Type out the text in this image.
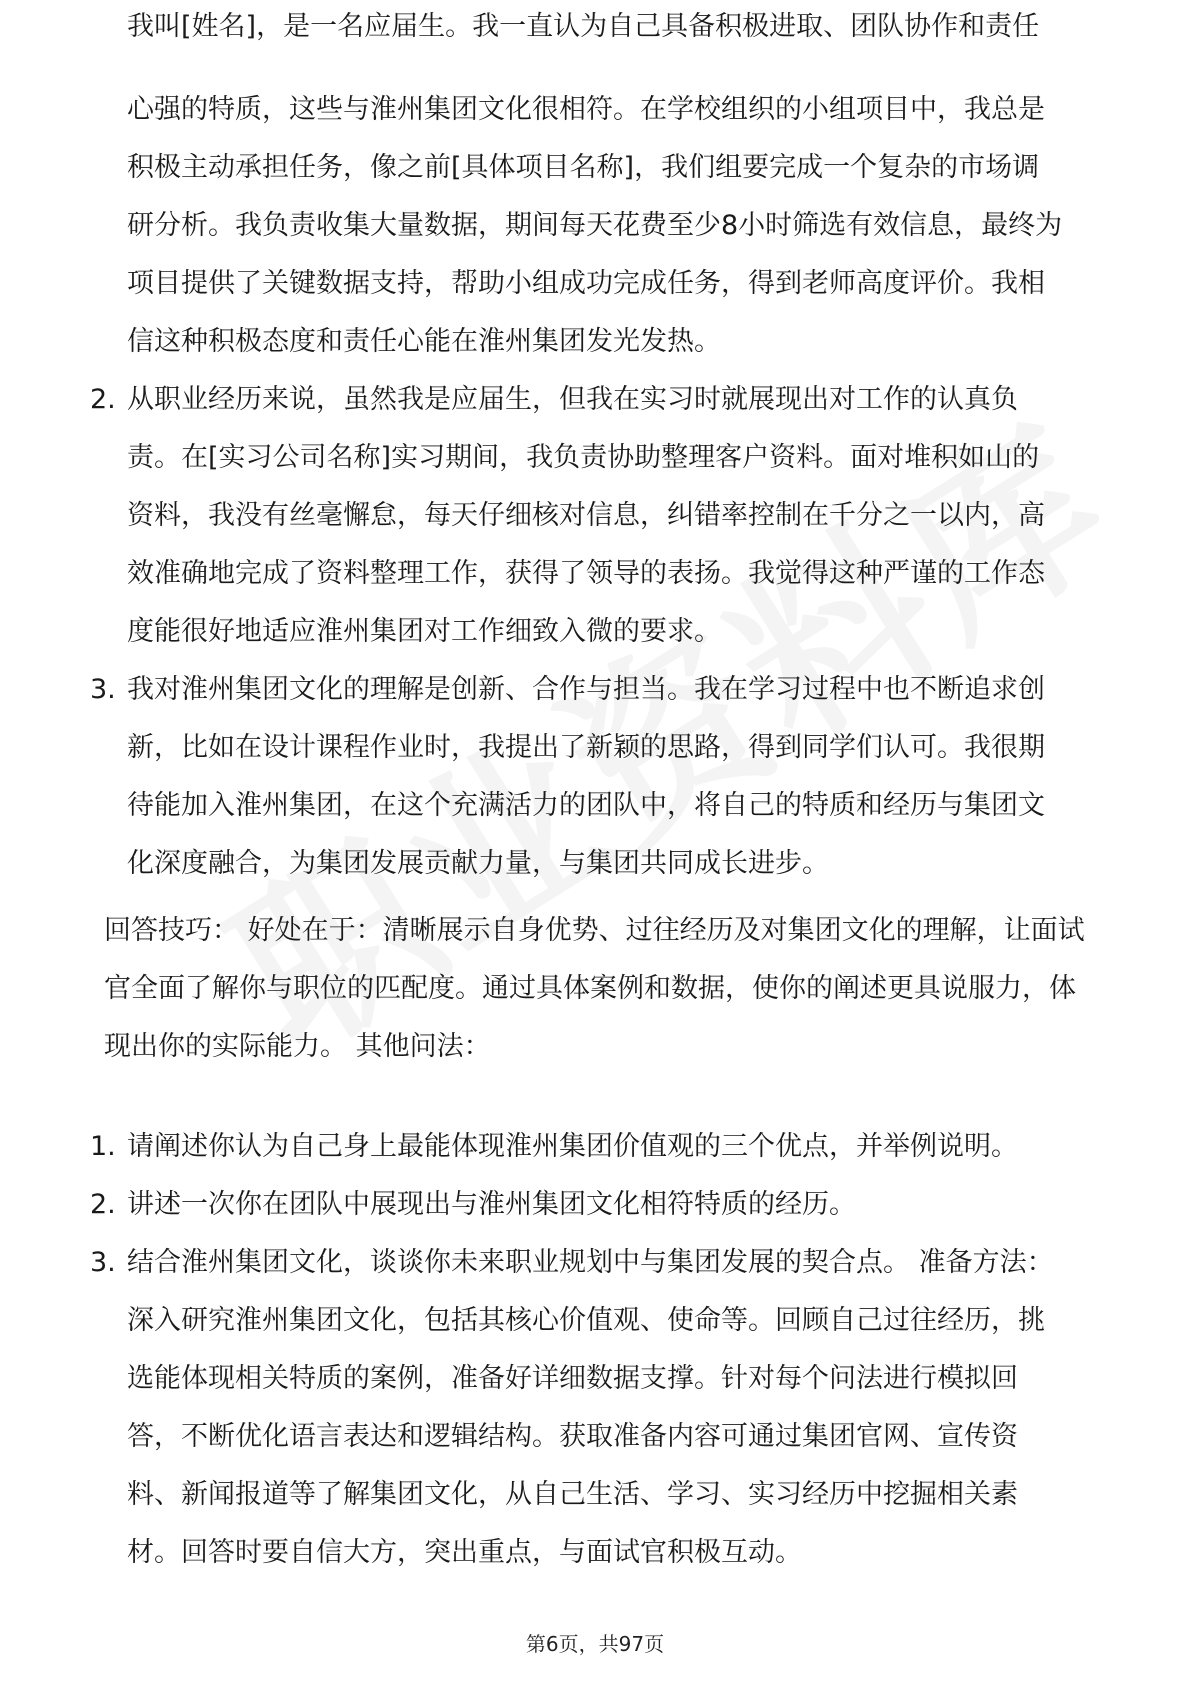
我叫[姓名]，是一名应届生。我一直认为自己具备积极进取、团队协作和责任
心强的特质，这些与淮州集团文化很相符。在学校组织的小组项目中，我总是
积极主动承担任务，像之前[具体项目名称]，我们组要完成一个复杂的市场调
研分析。我负责收集大量数据，期间每天花费至少8小时筛选有效信息，最终为
项目提供了关键数据支持，帮助小组成功完成任务，得到老师高度评价。我相
信这种积极态度和责任心能在淮州集团发光发热。
2. 从职业经历来说，虽然我是应届生，但我在实习时就展现出对工作的认真负
责。在[实习公司名称]实习期间，我负责协助整理客户资料。面对堆积如山的
资料，我没有丝毫懈怠，每天仔细核对信息，纠错率控制在千分之一以内，高
效准确地完成了资料整理工作，获得了领导的表扬。我觉得这种严谨的工作态
度能很好地适应淮州集团对工作细致入微的要求。
3. 我对淮州集团文化的理解是创新、合作与担当。我在学习过程中也不断追求创
新，比如在设计课程作业时，我提出了新颖的思路，得到同学们认可。我很期
待能加入淮州集团，在这个充满活力的团队中，将自己的特质和经历与集团文
化深度融合，为集团发展贡献力量，与集团共同成长进步。
回答技巧： 好处在于：清晰展示自身优势、过往经历及对集团文化的理解，让面试
官全面了解你与职位的匹配度。通过具体案例和数据，使你的阐述更具说服力，体
现出你的实际能力。 其他问法：
1. 请阐述你认为自己身上最能体现淮州集团价值观的三个优点，并举例说明。
2. 讲述一次你在团队中展现出与淮州集团文化相符特质的经历。
3. 结合淮州集团文化，谈谈你未来职业规划中与集团发展的契合点。 准备方法：
深入研究淮州集团文化，包括其核心价值观、使命等。回顾自己过往经历，挑
选能体现相关特质的案例，准备好详细数据支撑。针对每个问法进行模拟回
答，不断优化语言表达和逻辑结构。获取准备内容可通过集团官网、宣传资
料、新闻报道等了解集团文化，从自己生活、学习、实习经历中挖掘相关素
材。回答时要自信大方，突出重点，与面试官积极互动。
第6页，共97页
